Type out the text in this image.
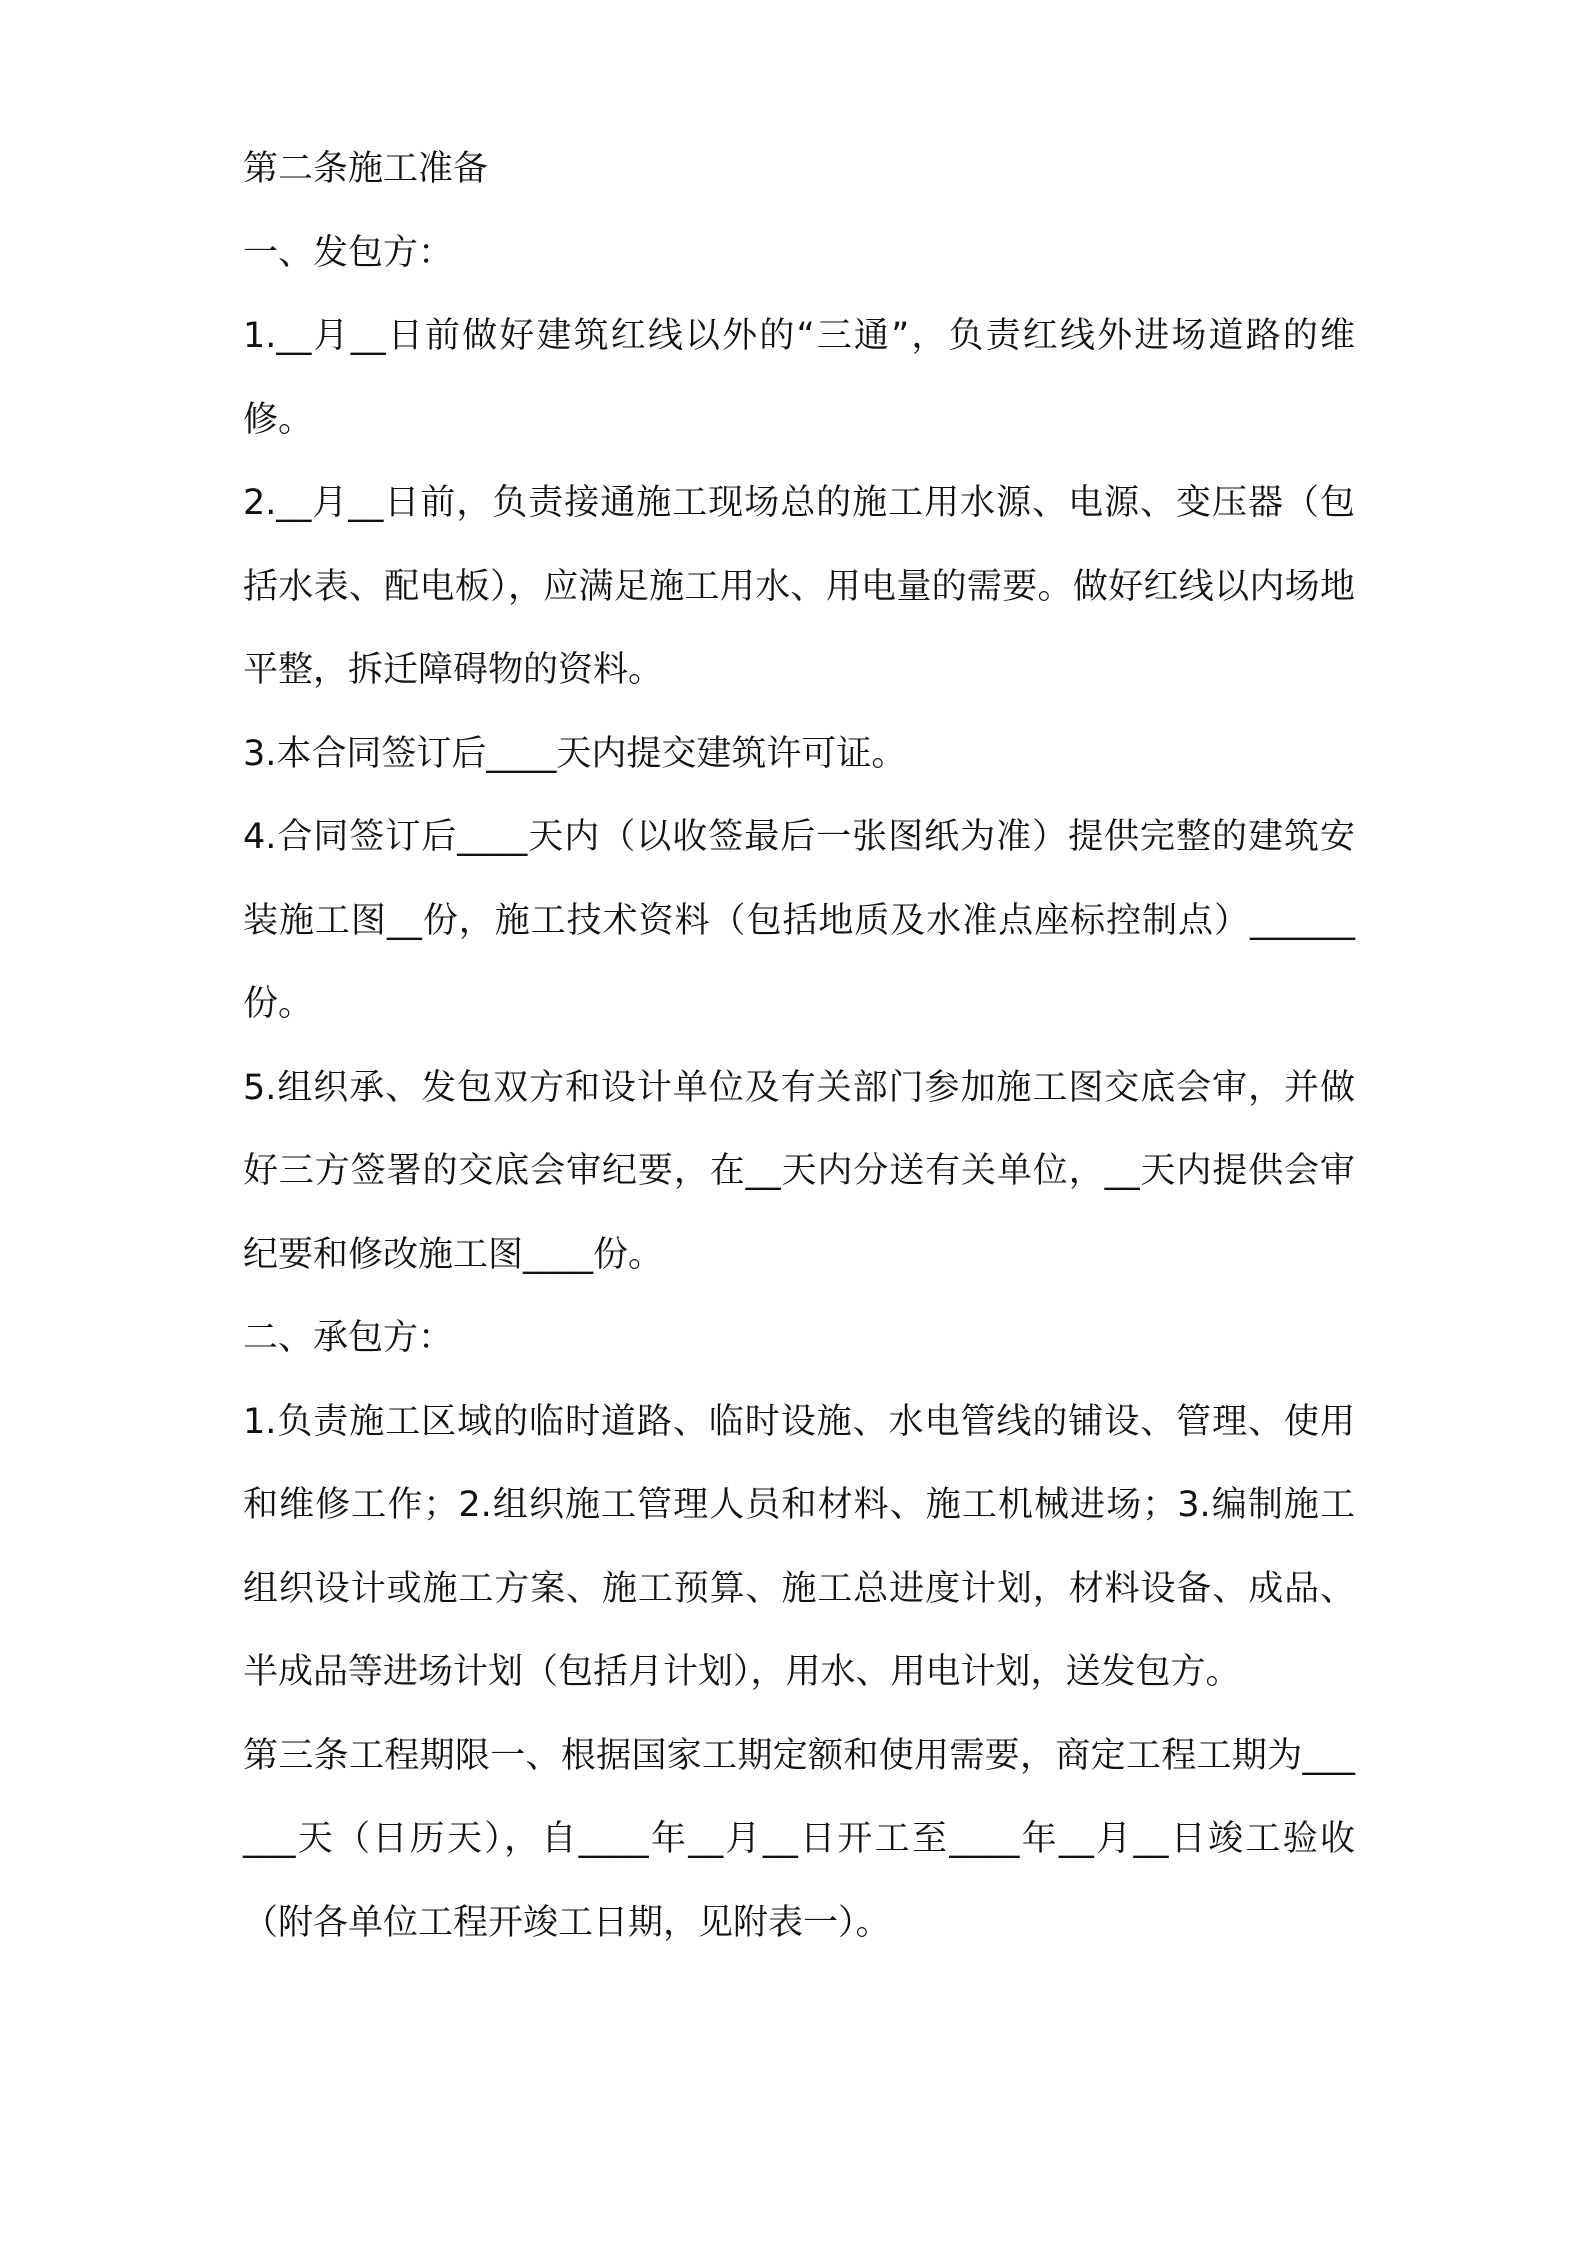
第二条施工准备

一、发包方：

1.__月__日前做好建筑红线以外的“三通”，负责红线外进场道路的维修。

2.__月__日前，负责接通施工现场总的施工用水源、电源、变压器（包括水表、配电板），应满足施工用水、用电量的需要。做好红线以内场地平整，拆迁障碍物的资料。

3.本合同签订后____天内提交建筑许可证。

4.合同签订后____天内（以收签最后一张图纸为准）提供完整的建筑安装施工图__份，施工技术资料（包括地质及水准点座标控制点）______份。

5.组织承、发包双方和设计单位及有关部门参加施工图交底会审，并做好三方签署的交底会审纪要，在__天内分送有关单位，__天内提供会审纪要和修改施工图____份。

二、承包方：

1.负责施工区域的临时道路、临时设施、水电管线的铺设、管理、使用和维修工作；2.组织施工管理人员和材料、施工机械进场；3.编制施工组织设计或施工方案、施工预算、施工总进度计划，材料设备、成品、半成品等进场计划（包括月计划），用水、用电计划，送发包方。

第三条工程期限一、根据国家工期定额和使用需要，商定工程工期为______天（日历天），自____年__月__日开工至____年__月__日竣工验收（附各单位工程开竣工日期，见附表一）。
